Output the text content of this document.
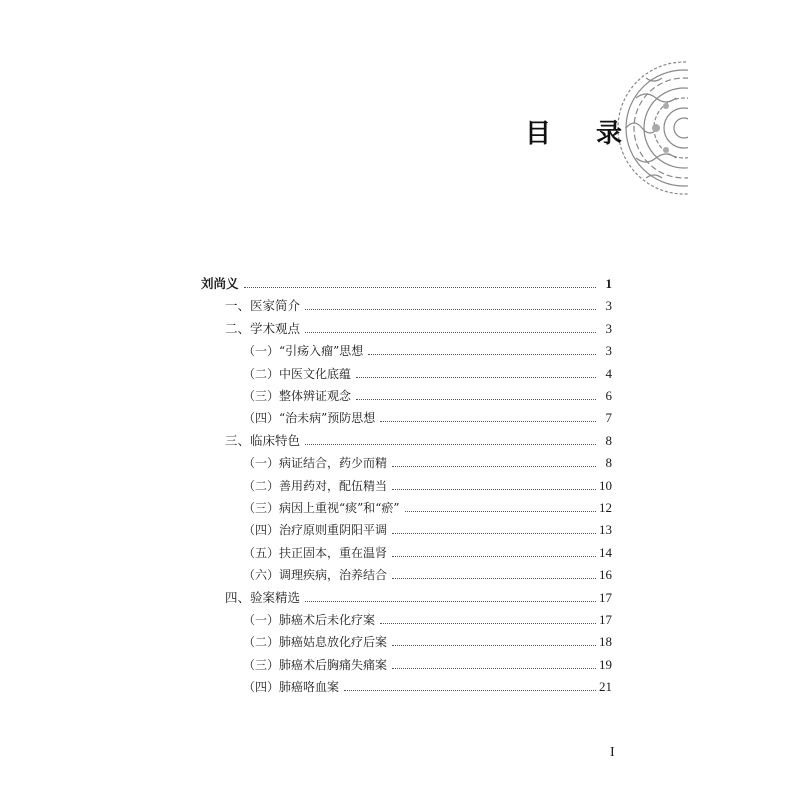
目 录
刘尚义	1
一、医家简介	3
二、学术观点	3
（一）“引疡入瘤”思想	3
（二）中医文化底蕴	4
（三）整体辨证观念	6
（四）“治未病”预防思想	7
三、临床特色	8
（一）病证结合，药少而精	8
（二）善用药对，配伍精当	10
（三）病因上重视“痰”和“瘀”	12
（四）治疗原则重阴阳平调	13
（五）扶正固本，重在温肾	14
（六）调理疾病，治养结合	16
四、验案精选	17
（一）肺癌术后未化疗案	17
（二）肺癌姑息放化疗后案	18
（三）肺癌术后胸痛失痛案	19
（四）肺癌咯血案	21
I
